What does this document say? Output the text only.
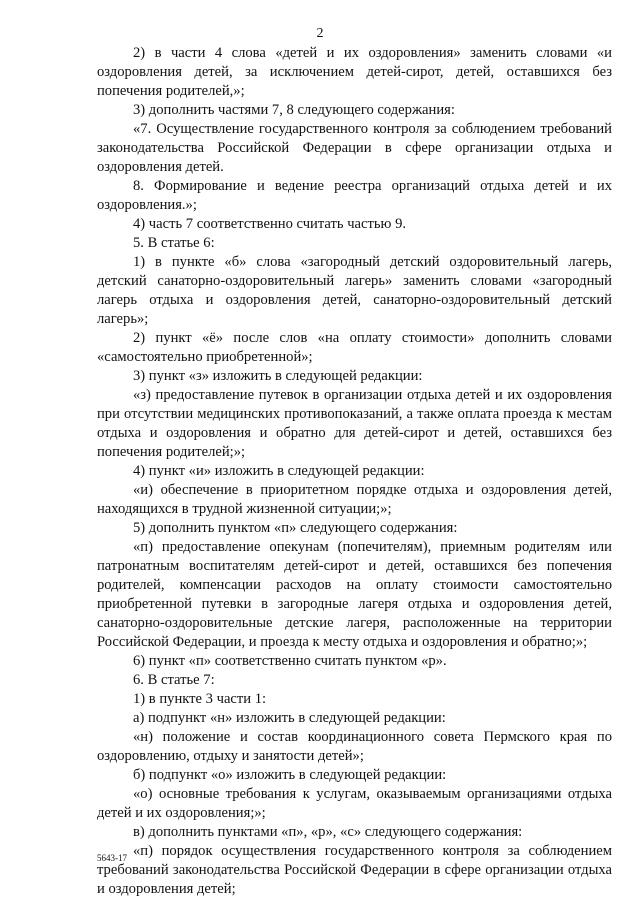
2

2) в части 4 слова «детей и их оздоровления» заменить словами «и оздоровления детей, за исключением детей-сирот, детей, оставшихся без попечения родителей,»;

3) дополнить частями 7, 8 следующего содержания:

«7. Осуществление государственного контроля за соблюдением требований законодательства Российской Федерации в сфере организации отдыха и оздоровления детей.

8. Формирование и ведение реестра организаций отдыха детей и их оздоровления.»;

4) часть 7 соответственно считать частью 9.

5. В статье 6:

1) в пункте «б» слова «загородный детский оздоровительный лагерь, детский санаторно-оздоровительный лагерь» заменить словами «загородный лагерь отдыха и оздоровления детей, санаторно-оздоровительный детский лагерь»;

2) пункт «ё» после слов «на оплату стоимости» дополнить словами «самостоятельно приобретенной»;

3) пункт «з» изложить в следующей редакции:

«з) предоставление путевок в организации отдыха детей и их оздоровления при отсутствии медицинских противопоказаний, а также оплата проезда к местам отдыха и оздоровления и обратно для детей-сирот и детей, оставшихся без попечения родителей;»;

4) пункт «и» изложить в следующей редакции:

«и) обеспечение в приоритетном порядке отдыха и оздоровления детей, находящихся в трудной жизненной ситуации;»;

5) дополнить пунктом «п» следующего содержания:

«п) предоставление опекунам (попечителям), приемным родителям или патронатным воспитателям детей-сирот и детей, оставшихся без попечения родителей, компенсации расходов на оплату стоимости самостоятельно приобретенной путевки в загородные лагеря отдыха и оздоровления детей, санаторно-оздоровительные детские лагеря, расположенные на территории Российской Федерации, и проезда к месту отдыха и оздоровления и обратно;»;

6) пункт «п» соответственно считать пунктом «р».

6. В статье 7:

1) в пункте 3 части 1:

а) подпункт «н» изложить в следующей редакции:

«н) положение и состав координационного совета Пермского края по оздоровлению, отдыху и занятости детей»;

б) подпункт «о» изложить в следующей редакции:

«о) основные требования к услугам, оказываемым организациями отдыха детей и их оздоровления;»;

в) дополнить пунктами «п», «р», «с» следующего содержания:

«п) порядок осуществления государственного контроля за соблюдением требований законодательства Российской Федерации в сфере организации отдыха и оздоровления детей;

5643-17
